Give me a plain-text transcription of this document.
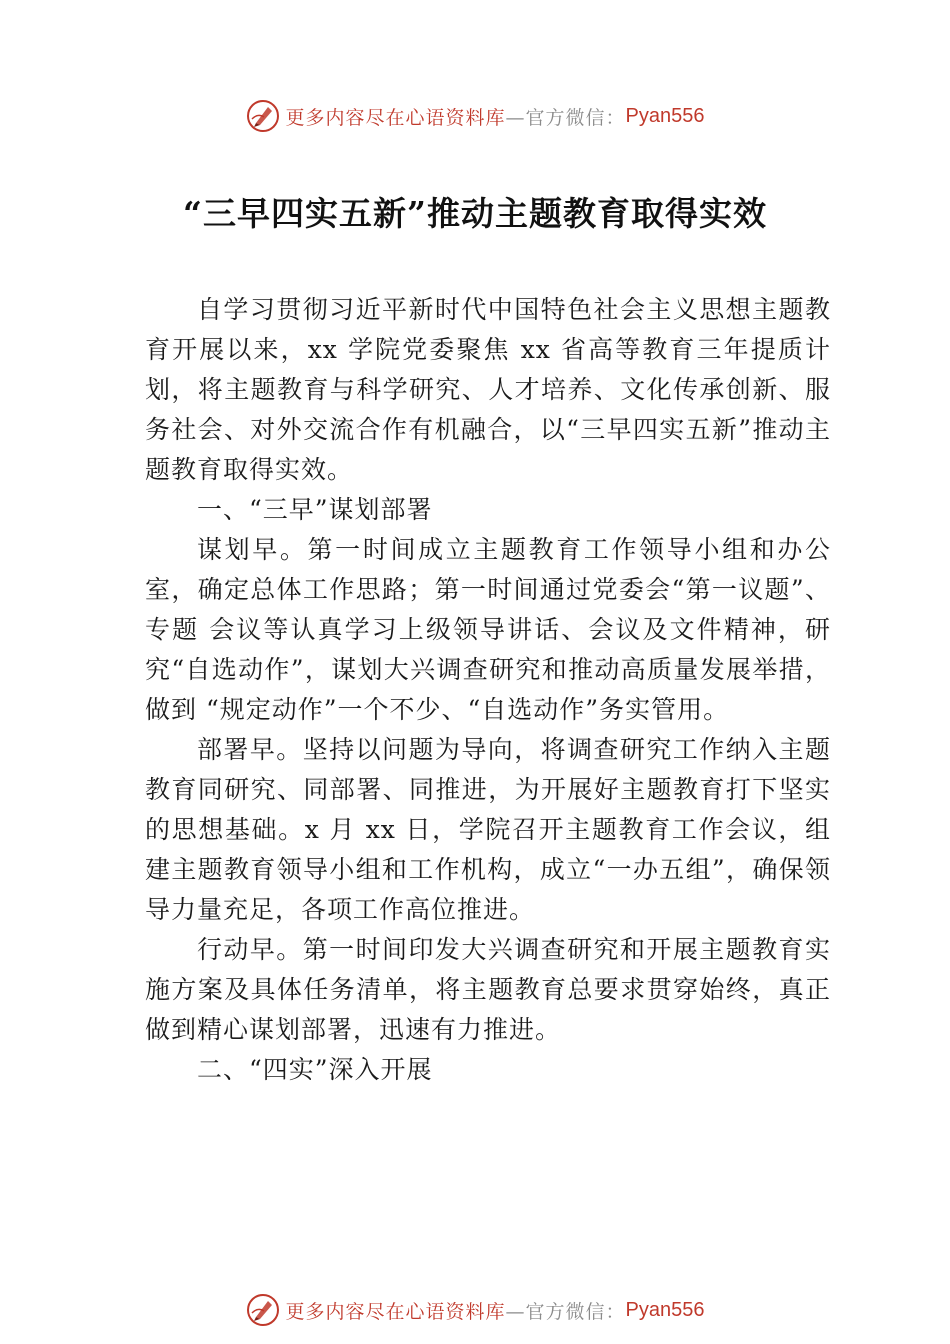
更多内容尽在心语资料库 —官方微信： Pyan556
“三早四实五新”推动主题教育取得实效

自学习贯彻习近平新时代中国特色社会主义思想主题教育开展以来，xx 学院党委聚焦 xx 省高等教育三年提质计划，将主题教育与科学研究、人才培养、文化传承创新、服务社会、对外交流合作有机融合，以“三早四实五新”推动主题教育取得实效。

一、“三早”谋划部署

谋划早。第一时间成立主题教育工作领导小组和办公室，确定总体工作思路；第一时间通过党委会“第一议题”、专题 会议等认真学习上级领导讲话、会议及文件精神，研究“自选动作”，谋划大兴调查研究和推动高质量发展举措，做到 “规定动作”一个不少、“自选动作”务实管用。

部署早。坚持以问题为导向，将调查研究工作纳入主题教育同研究、同部署、同推进，为开展好主题教育打下坚实的思想基础。x 月 xx 日，学院召开主题教育工作会议，组建主题教育领导小组和工作机构，成立“一办五组”，确保领导力量充足，各项工作高位推进。

行动早。第一时间印发大兴调查研究和开展主题教育实施方案及具体任务清单，将主题教育总要求贯穿始终，真正做到精心谋划部署，迅速有力推进。

二、“四实”深入开展

更多内容尽在心语资料库 —官方微信： Pyan556
